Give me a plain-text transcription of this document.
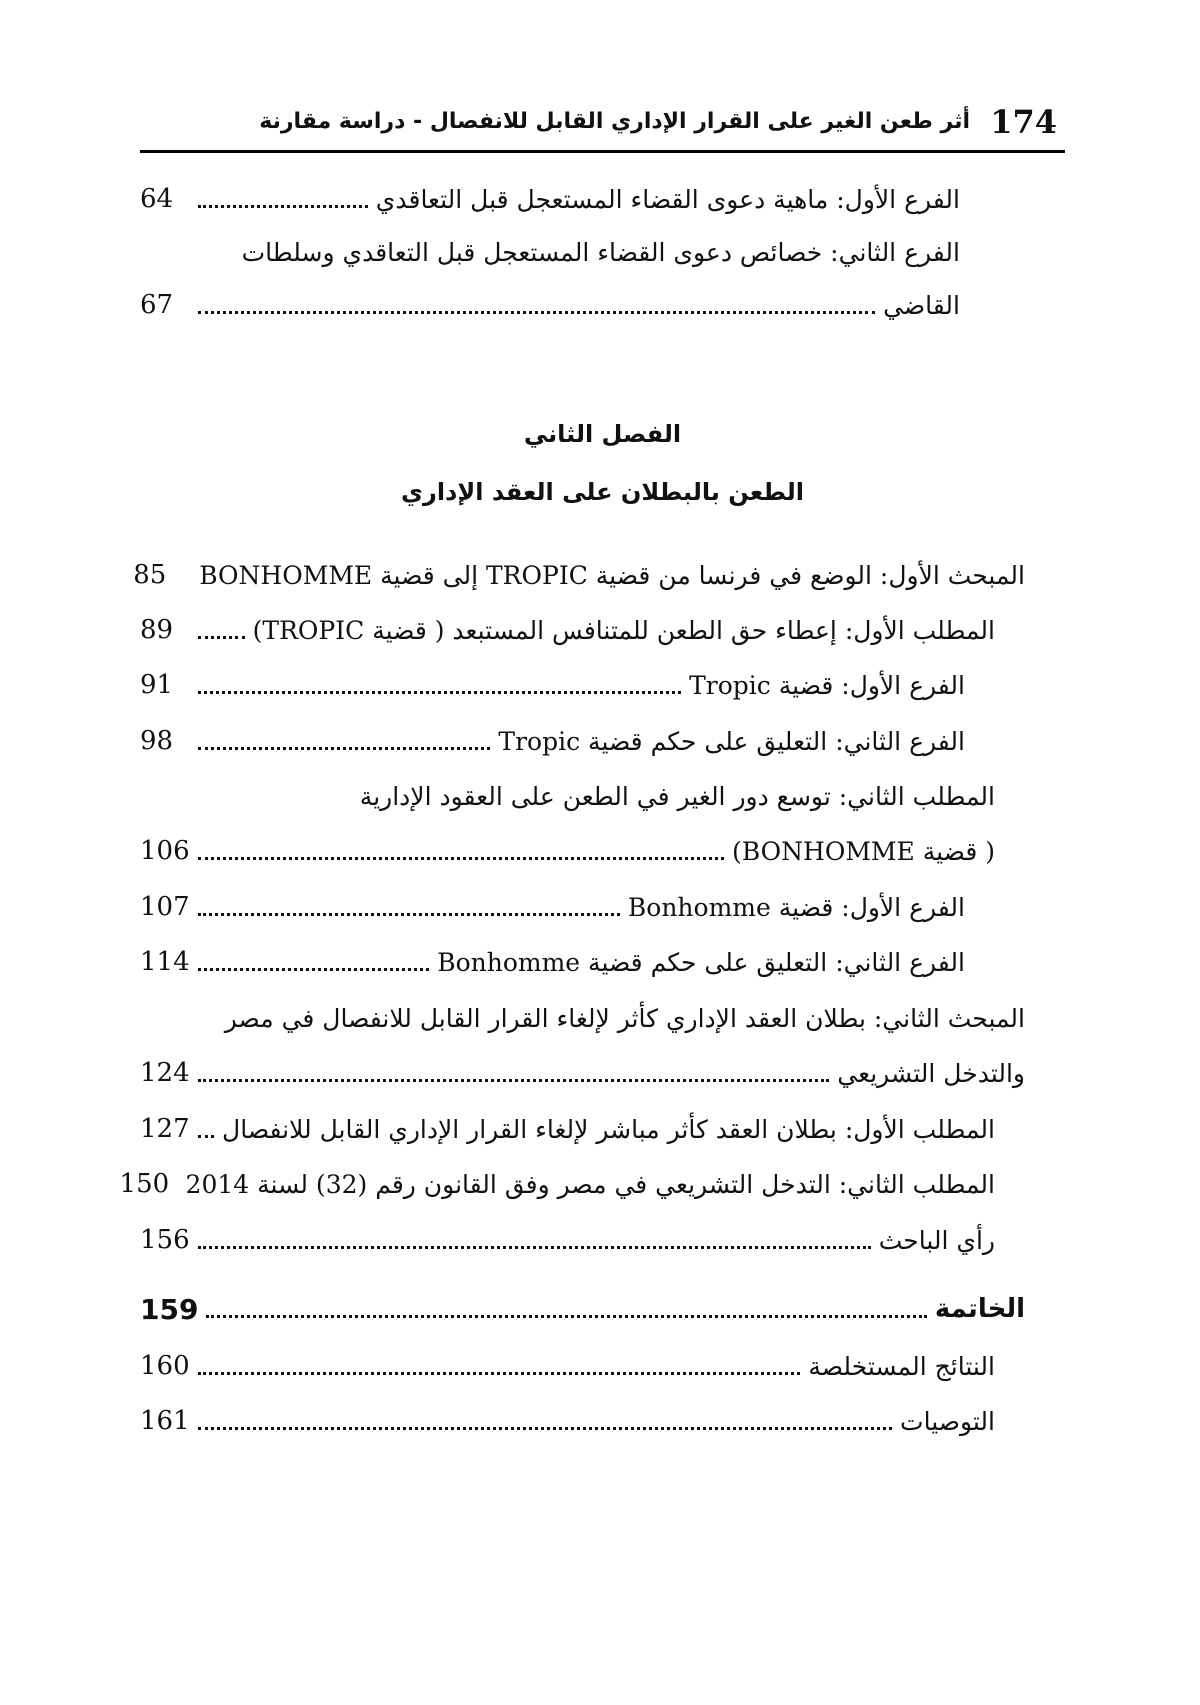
174
أثر طعن الغير على القرار الإداري القابل للانفصال - دراسة مقارنة
الفرع الأول: ماهية دعوى القضاء المستعجل قبل التعاقدي
64
الفرع الثاني: خصائص دعوى القضاء المستعجل قبل التعاقدي وسلطات
القاضي
67
الفصل الثاني
الطعن بالبطلان على العقد الإداري
المبحث الأول: الوضع في فرنسا من قضية TROPIC إلى قضية BONHOMME
85
المطلب الأول: إعطاء حق الطعن للمتنافس المستبعد ( قضية TROPIC)
89
الفرع الأول: قضية Tropic
91
الفرع الثاني: التعليق على حكم قضية Tropic
98
المطلب الثاني: توسع دور الغير في الطعن على العقود الإدارية
( قضية BONHOMME)
106
الفرع الأول: قضية Bonhomme
107
الفرع الثاني: التعليق على حكم قضية Bonhomme
114
المبحث الثاني: بطلان العقد الإداري كأثر لإلغاء القرار القابل للانفصال في مصر
والتدخل التشريعي
124
المطلب الأول: بطلان العقد كأثر مباشر لإلغاء القرار الإداري القابل للانفصال
127
المطلب الثاني: التدخل التشريعي في مصر وفق القانون رقم (32) لسنة 2014
150
رأي الباحث
156
الخاتمة
159
النتائج المستخلصة
160
التوصيات
161
